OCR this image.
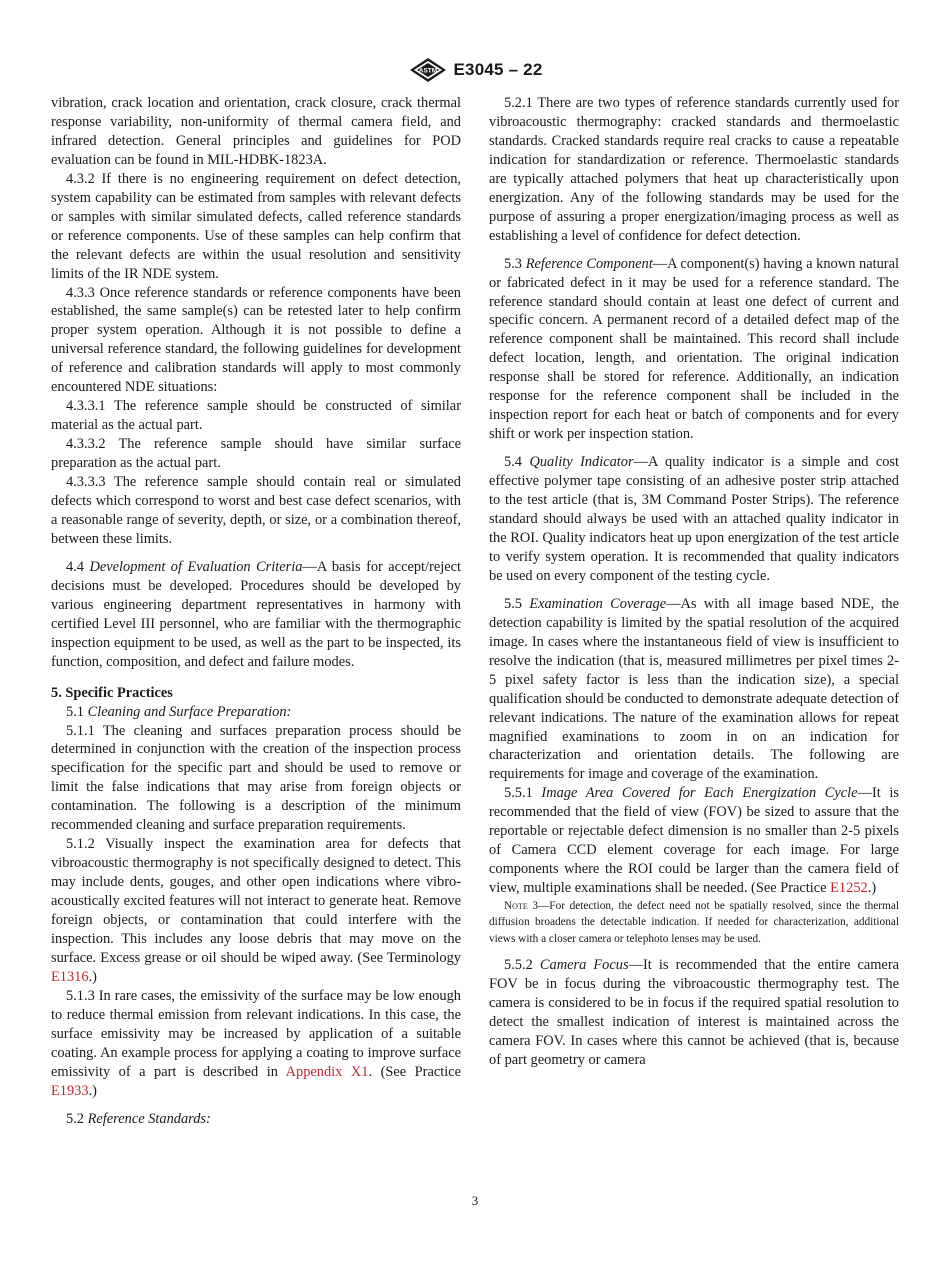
ASTM E3045 – 22

vibration, crack location and orientation, crack closure, crack thermal response variability, non-uniformity of thermal camera field, and infrared detection. General principles and guidelines for POD evaluation can be found in MIL-HDBK-1823A.

4.3.2 If there is no engineering requirement on defect detection, system capability can be estimated from samples with relevant defects or samples with similar simulated defects, called reference standards or reference components. Use of these samples can help confirm that the relevant defects are within the usual resolution and sensitivity limits of the IR NDE system.

4.3.3 Once reference standards or reference components have been established, the same sample(s) can be retested later to help confirm proper system operation. Although it is not possible to define a universal reference standard, the following guidelines for development of reference and calibration standards will apply to most commonly encountered NDE situations:

4.3.3.1 The reference sample should be constructed of similar material as the actual part.

4.3.3.2 The reference sample should have similar surface preparation as the actual part.

4.3.3.3 The reference sample should contain real or simulated defects which correspond to worst and best case defect scenarios, with a reasonable range of severity, depth, or size, or a combination thereof, between these limits.

4.4 Development of Evaluation Criteria—A basis for accept/reject decisions must be developed. Procedures should be developed by various engineering department representatives in harmony with certified Level III personnel, who are familiar with the thermographic inspection equipment to be used, as well as the part to be inspected, its function, composition, and defect and failure modes.

5. Specific Practices

5.1 Cleaning and Surface Preparation:

5.1.1 The cleaning and surfaces preparation process should be determined in conjunction with the creation of the inspection process specification for the specific part and should be used to remove or limit the false indications that may arise from foreign objects or contamination. The following is a description of the minimum recommended cleaning and surface preparation requirements.

5.1.2 Visually inspect the examination area for defects that vibroacoustic thermography is not specifically designed to detect. This may include dents, gouges, and other open indications where vibro-acoustically excited features will not interact to generate heat. Remove foreign objects, or contamination that could interfere with the inspection. This includes any loose debris that may move on the surface. Excess grease or oil should be wiped away. (See Terminology E1316.)

5.1.3 In rare cases, the emissivity of the surface may be low enough to reduce thermal emission from relevant indications. In this case, the surface emissivity may be increased by application of a suitable coating. An example process for applying a coating to improve surface emissivity of a part is described in Appendix X1. (See Practice E1933.)

5.2 Reference Standards:

5.2.1 There are two types of reference standards currently used for vibroacoustic thermography: cracked standards and thermoelastic standards. Cracked standards require real cracks to cause a repeatable indication for standardization or reference. Thermoelastic standards are typically attached polymers that heat up characteristically upon energization. Any of the following standards may be used for the purpose of assuring a proper energization/imaging process as well as establishing a level of confidence for defect detection.

5.3 Reference Component—A component(s) having a known natural or fabricated defect in it may be used for a reference standard. The reference standard should contain at least one defect of current and specific concern. A permanent record of a detailed defect map of the reference component shall be maintained. This record shall include defect location, length, and orientation. The original indication response shall be stored for reference. Additionally, an indication response for the reference component shall be included in the inspection report for each heat or batch of components and for every shift or work per inspection station.

5.4 Quality Indicator—A quality indicator is a simple and cost effective polymer tape consisting of an adhesive poster strip attached to the test article (that is, 3M Command Poster Strips). The reference standard should always be used with an attached quality indicator in the ROI. Quality indicators heat up upon energization of the test article to verify system operation. It is recommended that quality indicators be used on every component of the testing cycle.

5.5 Examination Coverage—As with all image based NDE, the detection capability is limited by the spatial resolution of the acquired image. In cases where the instantaneous field of view is insufficient to resolve the indication (that is, measured millimetres per pixel times 2-5 pixel safety factor is less than the indication size), a special qualification should be conducted to demonstrate adequate detection of relevant indications. The nature of the examination allows for repeat magnified examinations to zoom in on an indication for characterization and orientation details. The following are requirements for image and coverage of the examination.

5.5.1 Image Area Covered for Each Energization Cycle—It is recommended that the field of view (FOV) be sized to assure that the reportable or rejectable defect dimension is no smaller than 2-5 pixels of Camera CCD element coverage for each image. For large components where the ROI could be larger than the camera field of view, multiple examinations shall be needed. (See Practice E1252.)

Note 3—For detection, the defect need not be spatially resolved, since the thermal diffusion broadens the detectable indication. If needed for characterization, additional views with a closer camera or telephoto lenses may be used.

5.5.2 Camera Focus—It is recommended that the entire camera FOV be in focus during the vibroacoustic thermography test. The camera is considered to be in focus if the required spatial resolution to detect the smallest indication of interest is maintained across the camera FOV. In cases where this cannot be achieved (that is, because of part geometry or camera

3
